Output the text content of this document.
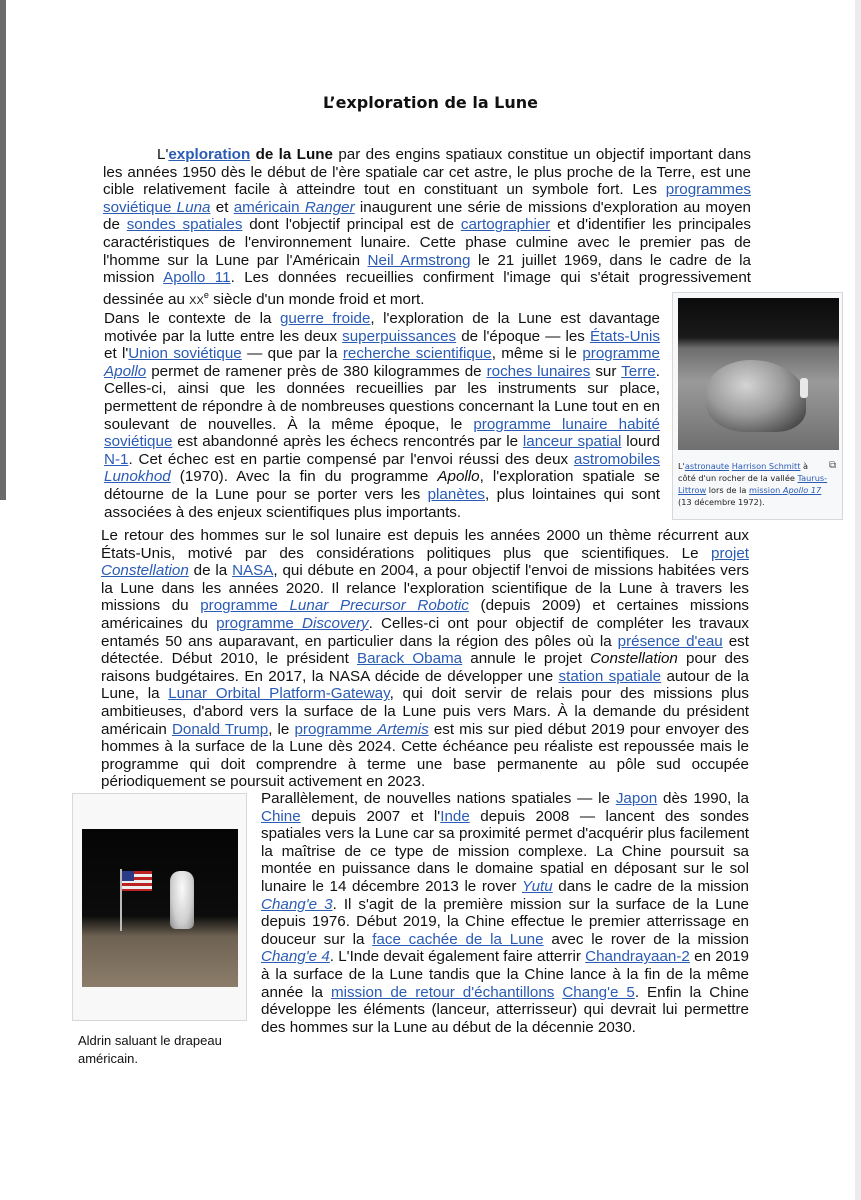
L’exploration de la Lune

L'exploration de la Lune par des engins spatiaux constitue un objectif important dans les années 1950 dès le début de l'ère spatiale car cet astre, le plus proche de la Terre, est une cible relativement facile à atteindre tout en constituant un symbole fort. Les programmes soviétique Luna et américain Ranger inaugurent une série de missions d'exploration au moyen de sondes spatiales dont l'objectif principal est de cartographier et d'identifier les principales caractéristiques de l'environnement lunaire. Cette phase culmine avec le premier pas de l'homme sur la Lune par l'Américain Neil Armstrong le 21 juillet 1969, dans le cadre de la mission Apollo 11. Les données recueillies confirment l'image qui s'était progressivement dessinée au XXe siècle d'un monde froid et mort.

Dans le contexte de la guerre froide, l'exploration de la Lune est davantage motivée par la lutte entre les deux superpuissances de l'époque — les États-Unis et l'Union soviétique — que par la recherche scientifique, même si le programme Apollo permet de ramener près de 380 kilogrammes de roches lunaires sur Terre. Celles-ci, ainsi que les données recueillies par les instruments sur place, permettent de répondre à de nombreuses questions concernant la Lune tout en en soulevant de nouvelles. À la même époque, le programme lunaire habité soviétique est abandonné après les échecs rencontrés par le lanceur spatial lourd N-1. Cet échec est en partie compensé par l'envoi réussi des deux astromobiles Lunokhod (1970). Avec la fin du programme Apollo, l'exploration spatiale se détourne de la Lune pour se porter vers les planètes, plus lointaines qui sont associées à des enjeux scientifiques plus importants.

Le retour des hommes sur le sol lunaire est depuis les années 2000 un thème récurrent aux États-Unis, motivé par des considérations politiques plus que scientifiques. Le projet Constellation de la NASA, qui débute en 2004, a pour objectif l'envoi de missions habitées vers la Lune dans les années 2020. Il relance l'exploration scientifique de la Lune à travers les missions du programme Lunar Precursor Robotic (depuis 2009) et certaines missions américaines du programme Discovery. Celles-ci ont pour objectif de compléter les travaux entamés 50 ans auparavant, en particulier dans la région des pôles où la présence d'eau est détectée. Début 2010, le président Barack Obama annule le projet Constellation pour des raisons budgétaires. En 2017, la NASA décide de développer une station spatiale autour de la Lune, la Lunar Orbital Platform-Gateway, qui doit servir de relais pour des missions plus ambitieuses, d'abord vers la surface de la Lune puis vers Mars. À la demande du président américain Donald Trump, le programme Artemis est mis sur pied début 2019 pour envoyer des hommes à la surface de la Lune dès 2024. Cette échéance peu réaliste est repoussée mais le programme qui doit comprendre à terme une base permanente au pôle sud occupée périodiquement se poursuit activement en 2023.

Parallèlement, de nouvelles nations spatiales — le Japon dès 1990, la Chine depuis 2007 et l'Inde depuis 2008 — lancent des sondes spatiales vers la Lune car sa proximité permet d'acquérir plus facilement la maîtrise de ce type de mission complexe. La Chine poursuit sa montée en puissance dans le domaine spatial en déposant sur le sol lunaire le 14 décembre 2013 le rover Yutu dans le cadre de la mission Chang'e 3. Il s'agit de la première mission sur la surface de la Lune depuis 1976. Début 2019, la Chine effectue le premier atterrissage en douceur sur la face cachée de la Lune avec le rover de la mission Chang'e 4. L'Inde devait également faire atterrir Chandrayaan-2 en 2019 à la surface de la Lune tandis que la Chine lance à la fin de la même année la mission de retour d'échantillons Chang'e 5. Enfin la Chine développe les éléments (lanceur, atterrisseur) qui devrait lui permettre des hommes sur la Lune au début de la décennie 2030.

L'astronaute Harrison Schmitt à côté d'un rocher de la vallée Taurus-Littrow lors de la mission Apollo 17 (13 décembre 1972).
⧉
Aldrin saluant le drapeau américain.
